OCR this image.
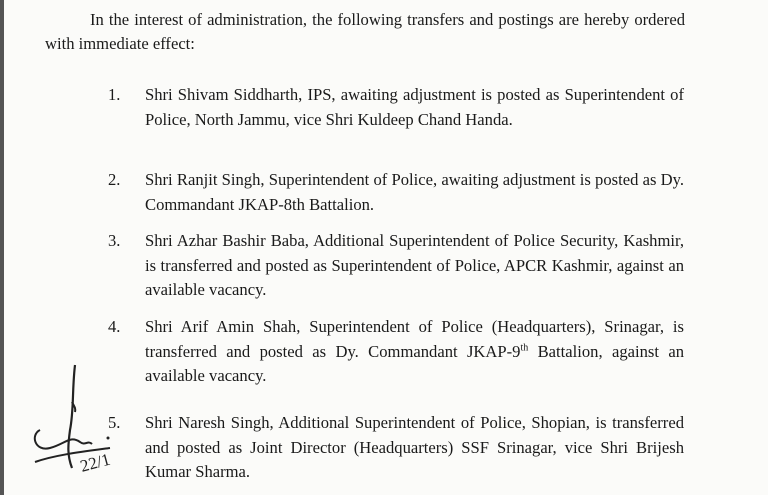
In the interest of administration, the following transfers and postings are hereby ordered with immediate effect:
1. Shri Shivam Siddharth, IPS, awaiting adjustment is posted as Superintendent of Police, North Jammu, vice Shri Kuldeep Chand Handa.
2. Shri Ranjit Singh, Superintendent of Police, awaiting adjustment is posted as Dy. Commandant JKAP-8th Battalion.
3. Shri Azhar Bashir Baba, Additional Superintendent of Police Security, Kashmir, is transferred and posted as Superintendent of Police, APCR Kashmir, against an available vacancy.
4. Shri Arif Amin Shah, Superintendent of Police (Headquarters), Srinagar, is transferred and posted as Dy. Commandant JKAP-9th Battalion, against an available vacancy.
5. Shri Naresh Singh, Additional Superintendent of Police, Shopian, is transferred and posted as Joint Director (Headquarters) SSF Srinagar, vice Shri Brijesh Kumar Sharma.
22/1
